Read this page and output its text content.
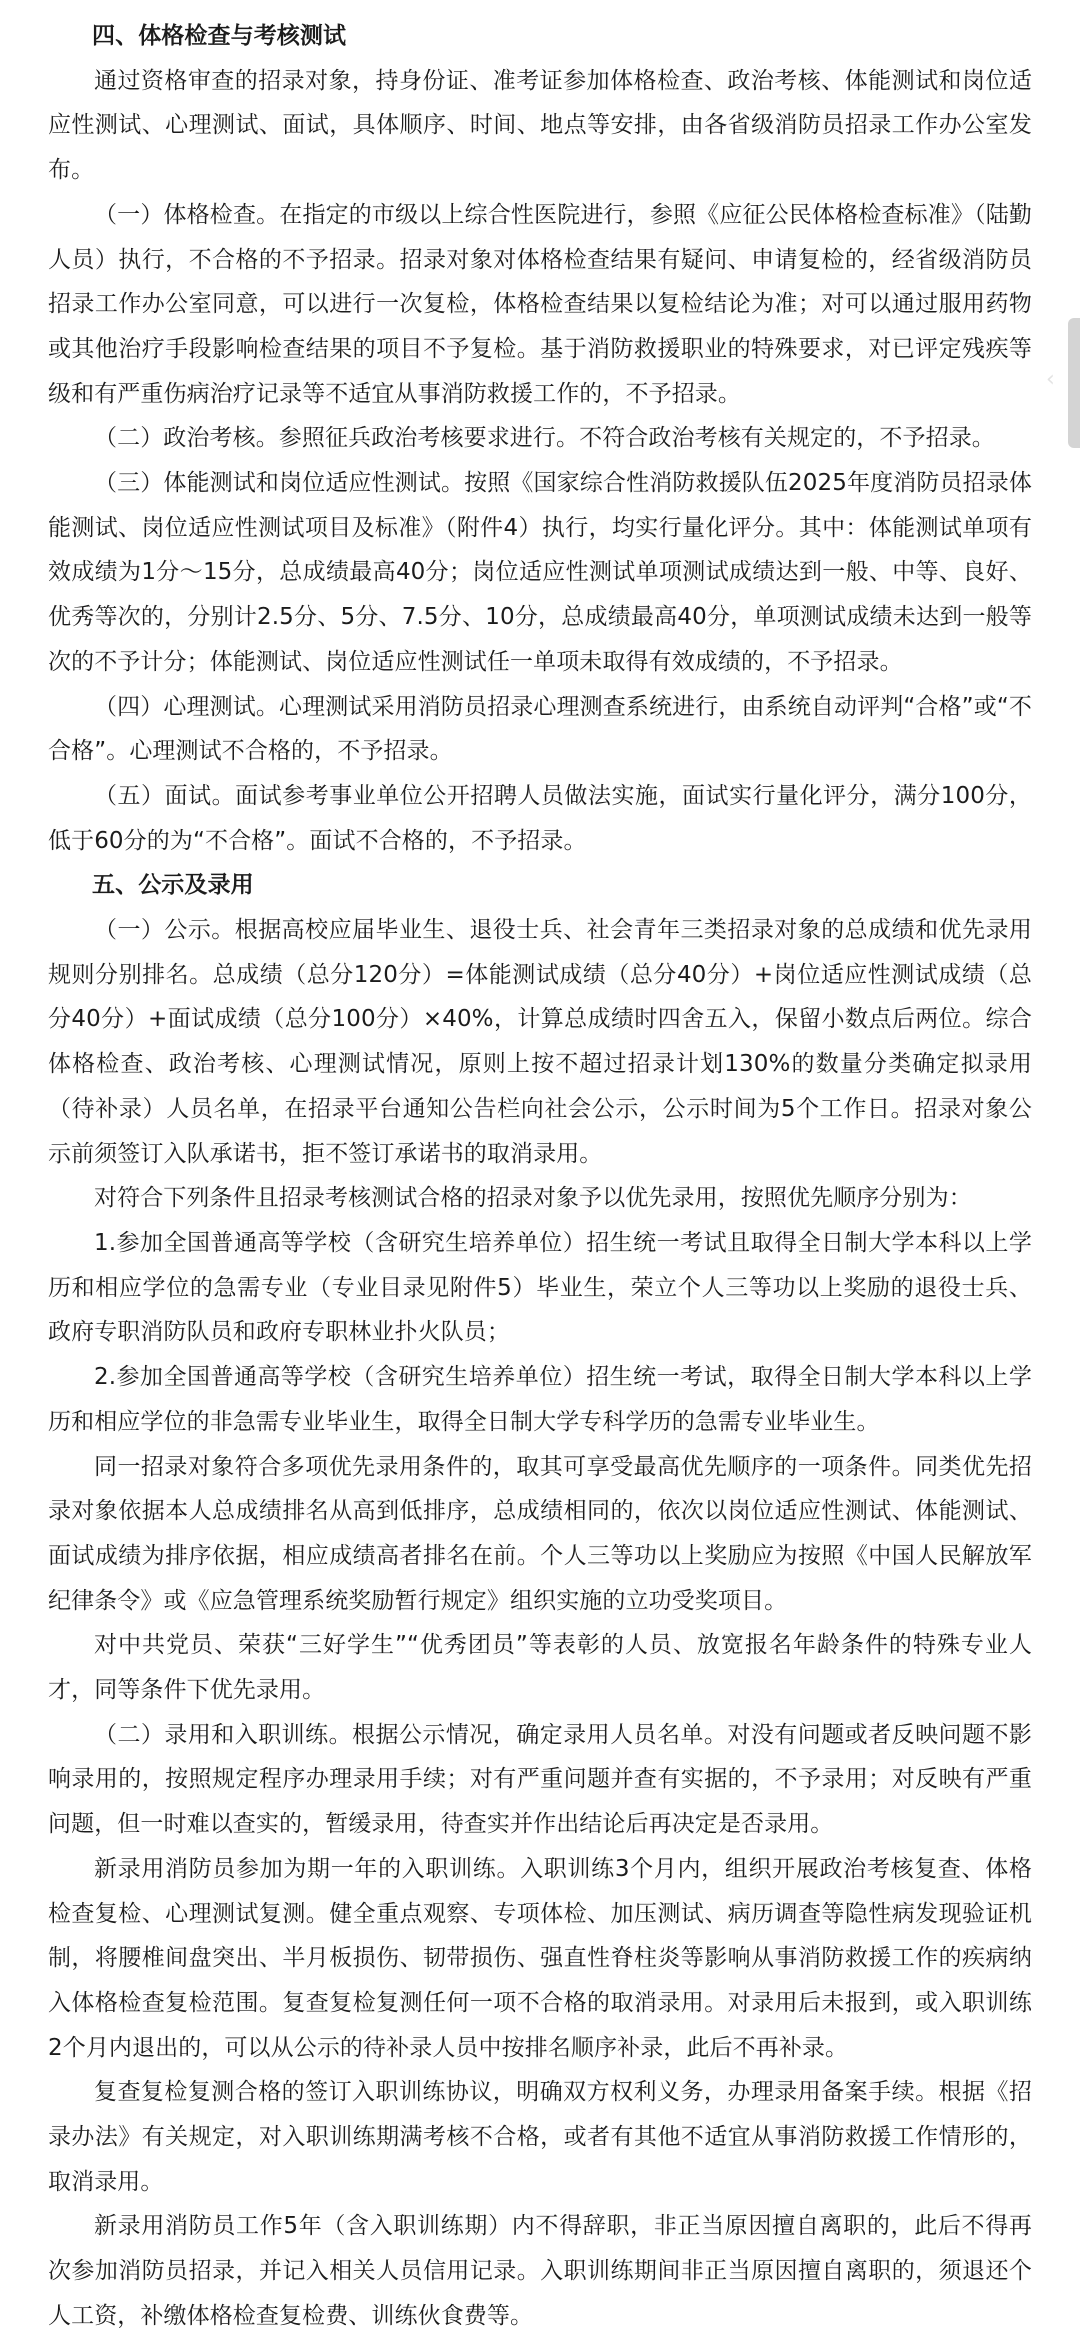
四、体格检查与考核测试

通过资格审查的招录对象，持身份证、准考证参加体格检查、政治考核、体能测试和岗位适应性测试、心理测试、面试，具体顺序、时间、地点等安排，由各省级消防员招录工作办公室发布。

（一）体格检查。在指定的市级以上综合性医院进行，参照《应征公民体格检查标准》（陆勤人员）执行，不合格的不予招录。招录对象对体格检查结果有疑问、申请复检的，经省级消防员招录工作办公室同意，可以进行一次复检，体格检查结果以复检结论为准；对可以通过服用药物或其他治疗手段影响检查结果的项目不予复检。基于消防救援职业的特殊要求，对已评定残疾等级和有严重伤病治疗记录等不适宜从事消防救援工作的，不予招录。

（二）政治考核。参照征兵政治考核要求进行。不符合政治考核有关规定的，不予招录。

（三）体能测试和岗位适应性测试。按照《国家综合性消防救援队伍2025年度消防员招录体能测试、岗位适应性测试项目及标准》（附件4）执行，均实行量化评分。其中：体能测试单项有效成绩为1分～15分，总成绩最高40分；岗位适应性测试单项测试成绩达到一般、中等、良好、优秀等次的，分别计2.5分、5分、7.5分、10分，总成绩最高40分，单项测试成绩未达到一般等次的不予计分；体能测试、岗位适应性测试任一单项未取得有效成绩的，不予招录。

（四）心理测试。心理测试采用消防员招录心理测查系统进行，由系统自动评判“合格”或“不合格”。心理测试不合格的，不予招录。

（五）面试。面试参考事业单位公开招聘人员做法实施，面试实行量化评分，满分100分，低于60分的为“不合格”。面试不合格的，不予招录。

五、公示及录用

（一）公示。根据高校应届毕业生、退役士兵、社会青年三类招录对象的总成绩和优先录用规则分别排名。总成绩（总分120分）=体能测试成绩（总分40分）+岗位适应性测试成绩（总分40分）+面试成绩（总分100分）×40%，计算总成绩时四舍五入，保留小数点后两位。综合体格检查、政治考核、心理测试情况，原则上按不超过招录计划130%的数量分类确定拟录用（待补录）人员名单，在招录平台通知公告栏向社会公示，公示时间为5个工作日。招录对象公示前须签订入队承诺书，拒不签订承诺书的取消录用。

对符合下列条件且招录考核测试合格的招录对象予以优先录用，按照优先顺序分别为：

1.参加全国普通高等学校（含研究生培养单位）招生统一考试且取得全日制大学本科以上学历和相应学位的急需专业（专业目录见附件5）毕业生，荣立个人三等功以上奖励的退役士兵、政府专职消防队员和政府专职林业扑火队员；

2.参加全国普通高等学校（含研究生培养单位）招生统一考试，取得全日制大学本科以上学历和相应学位的非急需专业毕业生，取得全日制大学专科学历的急需专业毕业生。

同一招录对象符合多项优先录用条件的，取其可享受最高优先顺序的一项条件。同类优先招录对象依据本人总成绩排名从高到低排序，总成绩相同的，依次以岗位适应性测试、体能测试、面试成绩为排序依据，相应成绩高者排名在前。个人三等功以上奖励应为按照《中国人民解放军纪律条令》或《应急管理系统奖励暂行规定》组织实施的立功受奖项目。

对中共党员、荣获“三好学生”“优秀团员”等表彰的人员、放宽报名年龄条件的特殊专业人才，同等条件下优先录用。

（二）录用和入职训练。根据公示情况，确定录用人员名单。对没有问题或者反映问题不影响录用的，按照规定程序办理录用手续；对有严重问题并查有实据的，不予录用；对反映有严重问题，但一时难以查实的，暂缓录用，待查实并作出结论后再决定是否录用。

新录用消防员参加为期一年的入职训练。入职训练3个月内，组织开展政治考核复查、体格检查复检、心理测试复测。健全重点观察、专项体检、加压测试、病历调查等隐性病发现验证机制，将腰椎间盘突出、半月板损伤、韧带损伤、强直性脊柱炎等影响从事消防救援工作的疾病纳入体格检查复检范围。复查复检复测任何一项不合格的取消录用。对录用后未报到，或入职训练2个月内退出的，可以从公示的待补录人员中按排名顺序补录，此后不再补录。

复查复检复测合格的签订入职训练协议，明确双方权利义务，办理录用备案手续。根据《招录办法》有关规定，对入职训练期满考核不合格，或者有其他不适宜从事消防救援工作情形的，取消录用。

新录用消防员工作5年（含入职训练期）内不得辞职，非正当原因擅自离职的，此后不得再次参加消防员招录，并记入相关人员信用记录。入职训练期间非正当原因擅自离职的，须退还个人工资，补缴体格检查复检费、训练伙食费等。

‹
